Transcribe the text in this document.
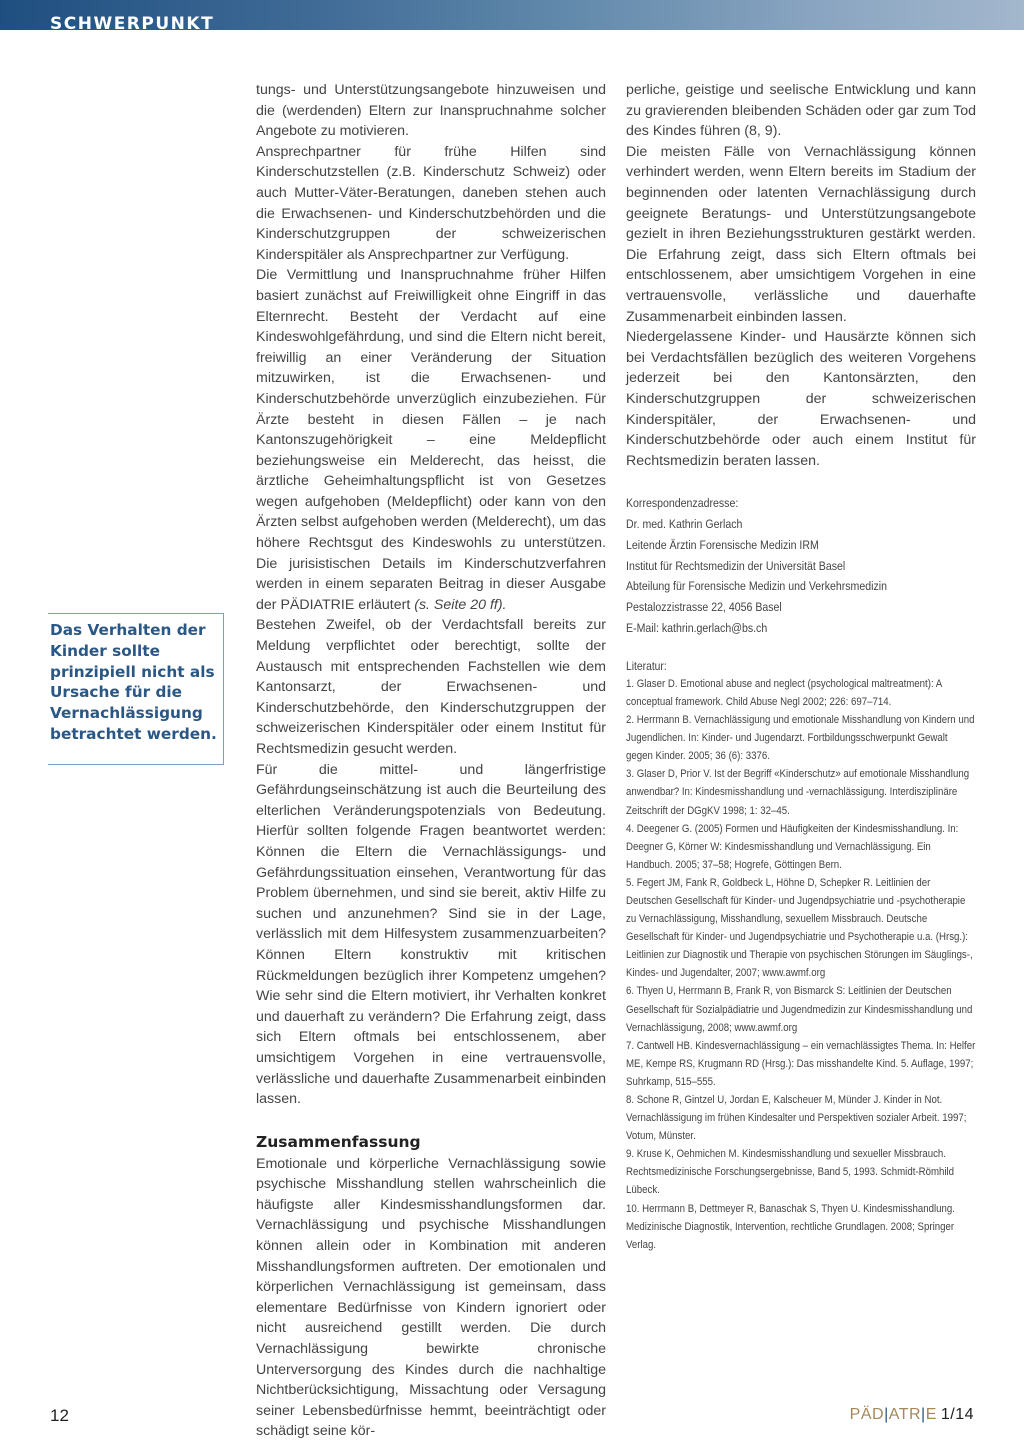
SCHWERPUNKT
Das Verhalten der Kinder sollte prinzipiell nicht als Ursache für die Vernachlässigung betrachtet werden.

tungs- und Unterstützungsangebote hinzuweisen und die (werdenden) Eltern zur Inanspruchnahme solcher Angebote zu motivieren.

Ansprechpartner für frühe Hilfen sind Kinderschutzstellen (z.B. Kinderschutz Schweiz) oder auch Mutter-Väter-Beratungen, daneben stehen auch die Erwachsenen- und Kinderschutzbehörden und die Kinderschutzgruppen der schweizerischen Kinderspitäler als Ansprechpartner zur Verfügung.

Die Vermittlung und Inanspruchnahme früher Hilfen basiert zunächst auf Freiwilligkeit ohne Eingriff in das Elternrecht. Besteht der Verdacht auf eine Kindeswohlgefährdung, und sind die Eltern nicht bereit, freiwillig an einer Veränderung der Situation mitzuwirken, ist die Erwachsenen- und Kinderschutzbehörde unverzüglich einzubeziehen. Für Ärzte besteht in diesen Fällen – je nach Kantonszugehörigkeit – eine Meldepflicht beziehungsweise ein Melderecht, das heisst, die ärztliche Geheimhaltungspflicht ist von Gesetzes wegen aufgehoben (Meldepflicht) oder kann von den Ärzten selbst aufgehoben werden (Melderecht), um das höhere Rechtsgut des Kindeswohls zu unterstützen. Die jurisistischen Details im Kinderschutzverfahren werden in einem separaten Beitrag in dieser Ausgabe der PÄDIATRIE erläutert (s. Seite 20 ff).

Bestehen Zweifel, ob der Verdachtsfall bereits zur Meldung verpflichtet oder berechtigt, sollte der Austausch mit entsprechenden Fachstellen wie dem Kantonsarzt, der Erwachsenen- und Kinderschutzbehörde, den Kinderschutzgruppen der schweizerischen Kinderspitäler oder einem Institut für Rechtsmedizin gesucht werden.

Für die mittel- und längerfristige Gefährdungseinschätzung ist auch die Beurteilung des elterlichen Veränderungspotenzials von Bedeutung. Hierfür sollten folgende Fragen beantwortet werden: Können die Eltern die Vernachlässigungs- und Gefährdungssituation einsehen, Verantwortung für das Problem übernehmen, und sind sie bereit, aktiv Hilfe zu suchen und anzunehmen? Sind sie in der Lage, verlässlich mit dem Hilfesystem zusammenzuarbeiten? Können Eltern konstruktiv mit kritischen Rückmeldungen bezüglich ihrer Kompetenz umgehen? Wie sehr sind die Eltern motiviert, ihr Verhalten konkret und dauerhaft zu verändern? Die Erfahrung zeigt, dass sich Eltern oftmals bei entschlossenem, aber umsichtigem Vorgehen in eine vertrauensvolle, verlässliche und dauerhafte Zusammenarbeit einbinden lassen.

Zusammenfassung

Emotionale und körperliche Vernachlässigung sowie psychische Misshandlung stellen wahrscheinlich die häufigste aller Kindesmisshandlungsformen dar. Vernachlässigung und psychische Misshandlungen können allein oder in Kombination mit anderen Misshandlungsformen auftreten. Der emotionalen und körperlichen Vernachlässigung ist gemeinsam, dass elementare Bedürfnisse von Kindern ignoriert oder nicht ausreichend gestillt werden. Die durch Vernachlässigung bewirkte chronische Unterversorgung des Kindes durch die nachhaltige Nichtberücksichtigung, Missachtung oder Versagung seiner Lebensbedürfnisse hemmt, beeinträchtigt oder schädigt seine kör-

perliche, geistige und seelische Entwicklung und kann zu gravierenden bleibenden Schäden oder gar zum Tod des Kindes führen (8, 9).

Die meisten Fälle von Vernachlässigung können verhindert werden, wenn Eltern bereits im Stadium der beginnenden oder latenten Vernachlässigung durch geeignete Beratungs- und Unterstützungsangebote gezielt in ihren Beziehungsstrukturen gestärkt werden. Die Erfahrung zeigt, dass sich Eltern oftmals bei entschlossenem, aber umsichtigem Vorgehen in eine vertrauensvolle, verlässliche und dauerhafte Zusammenarbeit einbinden lassen.

Niedergelassene Kinder- und Hausärzte können sich bei Verdachtsfällen bezüglich des weiteren Vorgehens jederzeit bei den Kantonsärzten, den Kinderschutzgruppen der schweizerischen Kinderspitäler, der Erwachsenen- und Kinderschutzbehörde oder auch einem Institut für Rechtsmedizin beraten lassen.

Korrespondenzadresse:
Dr. med. Kathrin Gerlach
Leitende Ärztin Forensische Medizin IRM
Institut für Rechtsmedizin der Universität Basel
Abteilung für Forensische Medizin und Verkehrsmedizin
Pestalozzistrasse 22, 4056 Basel
E-Mail: kathrin.gerlach@bs.ch
Literatur:
1. Glaser D. Emotional abuse and neglect (psychological maltreatment): A conceptual framework. Child Abuse Negl 2002; 226: 697–714.
2. Herrmann B. Vernachlässigung und emotionale Misshandlung von Kindern und Jugendlichen. In: Kinder- und Jugendarzt. Fortbildungsschwerpunkt Gewalt gegen Kinder. 2005; 36 (6): 3376.
3. Glaser D, Prior V. Ist der Begriff «Kinderschutz» auf emotionale Misshandlung anwendbar? In: Kindesmisshandlung und -vernachlässigung. Interdisziplinäre Zeitschrift der DGgKV 1998; 1: 32–45.
4. Deegener G. (2005) Formen und Häufigkeiten der Kindesmisshandlung. In: Deegner G, Körner W: Kindesmisshandlung und Vernachlässigung. Ein Handbuch. 2005; 37–58; Hogrefe, Göttingen Bern.
5. Fegert JM, Fank R, Goldbeck L, Höhne D, Schepker R. Leitlinien der Deutschen Gesellschaft für Kinder- und Jugendpsychiatrie und -psychotherapie zu Vernachlässigung, Misshandlung, sexuellem Missbrauch. Deutsche Gesellschaft für Kinder- und Jugendpsychiatrie und Psychotherapie u.a. (Hrsg.): Leitlinien zur Diagnostik und Therapie von psychischen Störungen im Säuglings-, Kindes- und Jugendalter, 2007; www.awmf.org
6. Thyen U, Herrmann B, Frank R, von Bismarck S: Leitlinien der Deutschen Gesellschaft für Sozialpädiatrie und Jugendmedizin zur Kindesmisshandlung und Vernachlässigung, 2008; www.awmf.org
7. Cantwell HB. Kindesvernachlässigung – ein vernachlässigtes Thema. In: Helfer ME, Kempe RS, Krugmann RD (Hrsg.): Das misshandelte Kind. 5. Auflage, 1997; Suhrkamp, 515–555.
8. Schone R, Gintzel U, Jordan E, Kalscheuer M, Münder J. Kinder in Not. Vernachlässigung im frühen Kindesalter und Perspektiven sozialer Arbeit. 1997; Votum, Münster.
9. Kruse K, Oehmichen M. Kindesmisshandlung und sexueller Missbrauch. Rechtsmedizinische Forschungsergebnisse, Band 5, 1993. Schmidt-Römhild Lübeck.
10. Herrmann B, Dettmeyer R, Banaschak S, Thyen U. Kindesmisshandlung. Medizinische Diagnostik, Intervention, rechtliche Grundlagen. 2008; Springer Verlag.
12	PÄD|ATR|E 1/14
